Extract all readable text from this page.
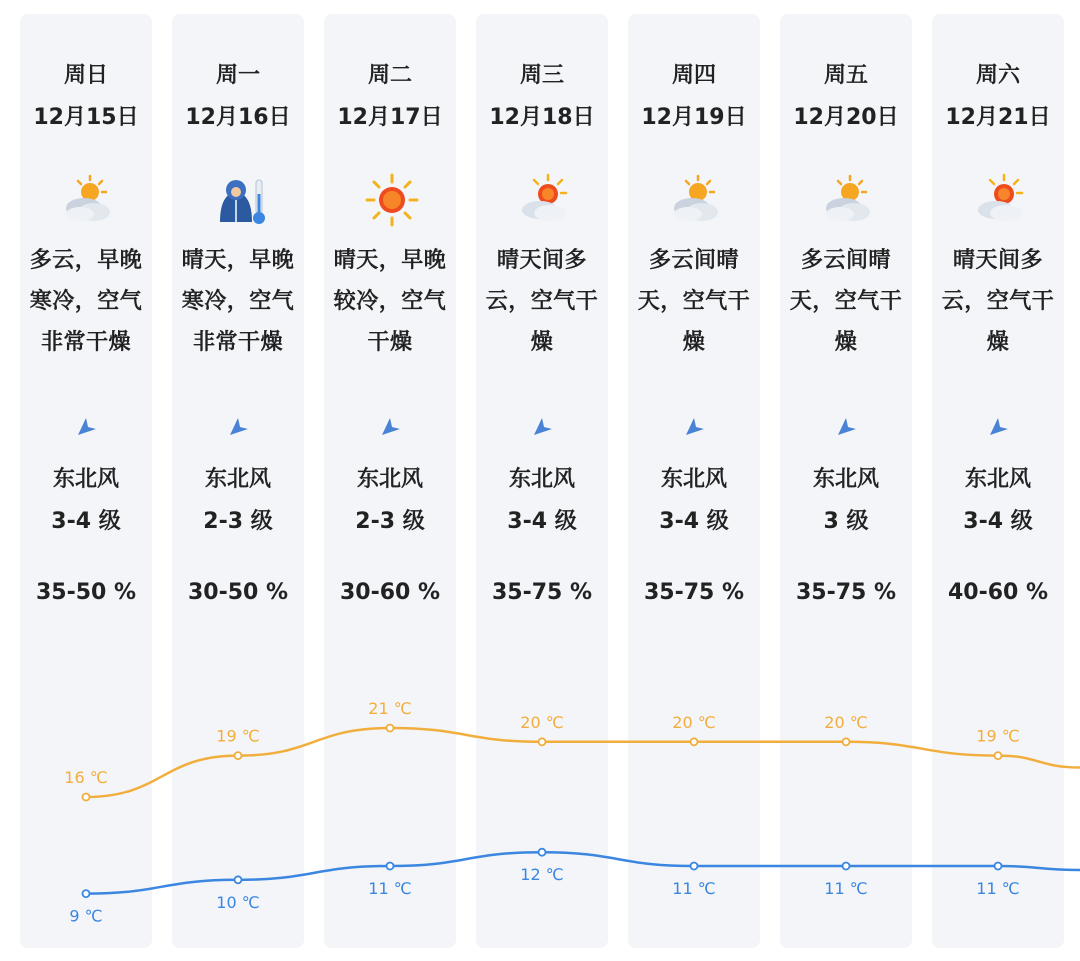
周日
12月15日
多云，早晚
寒冷，空气
非常干燥
东北风
3-4 级
35-50 %
周一
12月16日
晴天，早晚
寒冷，空气
非常干燥
东北风
2-3 级
30-50 %
周二
12月17日
晴天，早晚
较冷，空气
干燥
东北风
2-3 级
30-60 %
周三
12月18日
晴天间多
云，空气干
燥
东北风
3-4 级
35-75 %
周四
12月19日
多云间晴
天，空气干
燥
东北风
3-4 级
35-75 %
周五
12月20日
多云间晴
天，空气干
燥
东北风
3 级
35-75 %
周六
12月21日
晴天间多
云，空气干
燥
东北风
3-4 级
40-60 %
16 ℃
19 ℃
21 ℃
20 ℃	20 ℃	20 ℃
19 ℃
9 ℃
10 ℃
11 ℃
12 ℃
11 ℃	11 ℃	11 ℃
